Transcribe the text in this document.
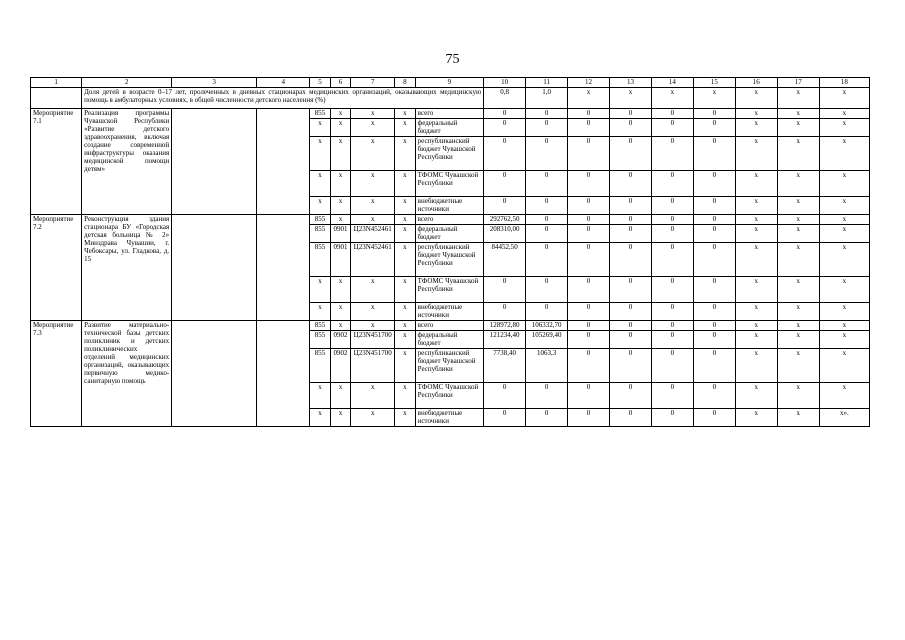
75
1	2	3	4	5	6	7	8	9	10	11	12	13	14	15	16	17	18
	Доля детей в возрасте 0–17 лет, пролеченных в дневных стационарах медицинских организаций, оказывающих медицинскую помощь в амбулаторных условиях, в общей численности детского населения (%)								0,8	1,0	x	x	x	x	x	x	x
Мероприятие 7.1	Реализация программы Чувашской Республики «Развитие детского здравоохранения, включая создание современной инфраструктуры оказания медицинской помощи детям»			855	x	x	x	всего	0	0	0	0	0	0	x	x	x
				x	x	x	x	федеральный бюджет	0	0	0	0	0	0	x	x	x
				x	x	x	x	республиканский бюджет Чувашской Республики	0	0	0	0	0	0	x	x	x
				x	x	x	x	ТФОМС Чувашской Республики	0	0	0	0	0	0	x	x	x
				x	x	x	x	внебюджетные источники	0	0	0	0	0	0	x	x	x
Мероприятие 7.2	Реконструкция здания стационара БУ «Городская детская больница № 2» Минздрава Чувашии, г. Чебоксары, ул. Гладкова, д. 15			855	x	x	x	всего	292762,50	0	0	0	0	0	x	x	x
				855	0901	Ц23N452461	x	федеральный бюджет	208310,00	0	0	0	0	0	x	x	x
				855	0901	Ц23N452461	x	республиканский бюджет Чувашской Республики	84452,50	0	0	0	0	0	x	x	x
				x	x	x	x	ТФОМС Чувашской Республики	0	0	0	0	0	0	x	x	x
				x	x	x	x	внебюджетные источники	0	0	0	0	0	0	x	x	x
Мероприятие 7.3	Развитие материально-технической базы детских поликлиник и детских поликлинических отделений медицинских организаций, оказывающих первичную медико-санитарную помощь			855	x	x	x	всего	128972,80	106332,70	0	0	0	0	x	x	x
				855	0902	Ц23N451700	x	федеральный бюджет	121234,40	105269,40	0	0	0	0	x	x	x
				855	0902	Ц23N451700	x	республиканский бюджет Чувашской Республики	7738,40	1063,3	0	0	0	0	x	x	x
				x	x	x	x	ТФОМС Чувашской Республики	0	0	0	0	0	0	x	x	x
				x	x	x	x	внебюджетные источники	0	0	0	0	0	0	x	x	x».
